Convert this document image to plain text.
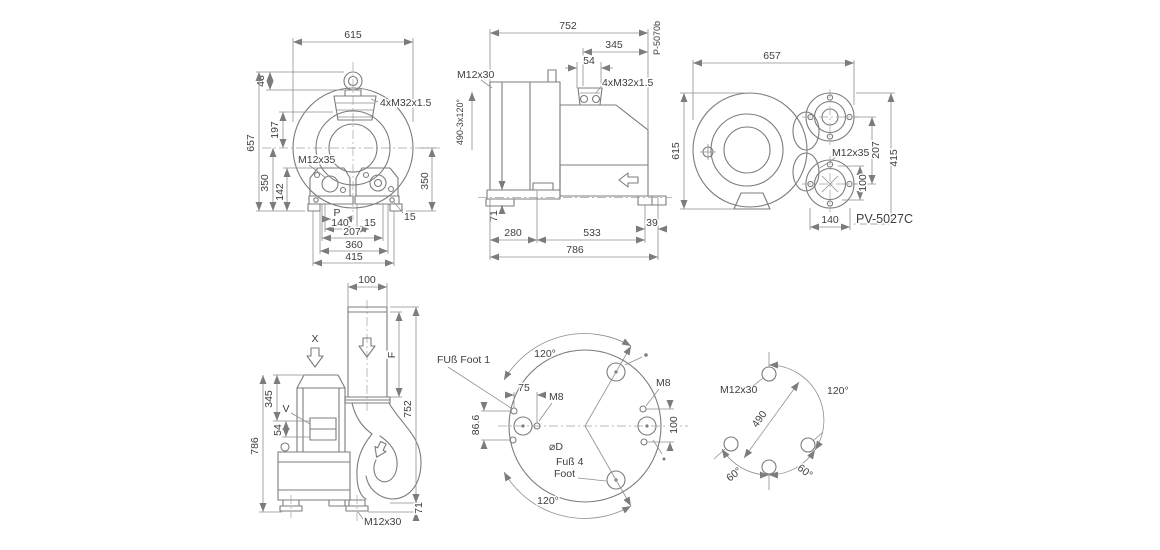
615
46
197
657
350
142
350
15
P
140 15
207
360
415
M12x35
4xM32x1.5
752
345
54
4xM32x1.5
M12x30
490-3x120°
P-5070b
71
280	533
39
786
657
615	207
100
415
140
M12x35
PV-5027C
100
X
F
752
345
V
54
786
71
M12x30
120°
120°
FUß Foot 1
75
M8
M8
86.6	100
⌀D
Fuß 4
Foot
120°
490
60°	60°
M12x30
